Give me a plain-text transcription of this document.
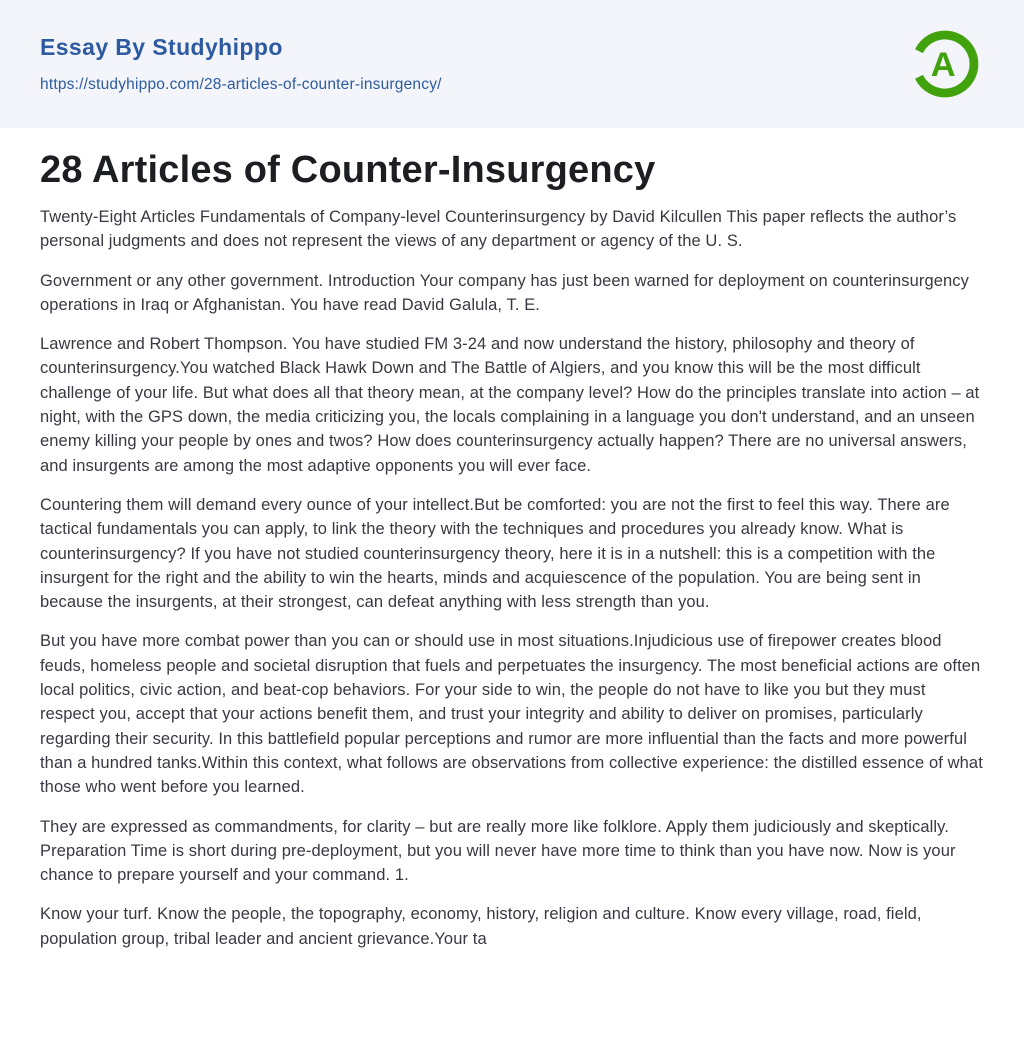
Essay By Studyhippo
https://studyhippo.com/28-articles-of-counter-insurgency/
A
28 Articles of Counter-Insurgency

Twenty-Eight Articles Fundamentals of Company-level Counterinsurgency by David Kilcullen This paper reflects the author’s personal judgments and does not represent the views of any department or agency of the U. S.

Government or any other government. Introduction Your company has just been warned for deployment on counterinsurgency operations in Iraq or Afghanistan. You have read David Galula, T. E.

Lawrence and Robert Thompson. You have studied FM 3-24 and now understand the history, philosophy and theory of counterinsurgency.You watched Black Hawk Down and The Battle of Algiers, and you know this will be the most difficult challenge of your life. But what does all that theory mean, at the company level? How do the principles translate into action – at night, with the GPS down, the media criticizing you, the locals complaining in a language you don't understand, and an unseen enemy killing your people by ones and twos? How does counterinsurgency actually happen? There are no universal answers, and insurgents are among the most adaptive opponents you will ever face.

Countering them will demand every ounce of your intellect.But be comforted: you are not the first to feel this way. There are tactical fundamentals you can apply, to link the theory with the techniques and procedures you already know. What is counterinsurgency? If you have not studied counterinsurgency theory, here it is in a nutshell: this is a competition with the insurgent for the right and the ability to win the hearts, minds and acquiescence of the population. You are being sent in because the insurgents, at their strongest, can defeat anything with less strength than you.

But you have more combat power than you can or should use in most situations.Injudicious use of firepower creates blood feuds, homeless people and societal disruption that fuels and perpetuates the insurgency. The most beneficial actions are often local politics, civic action, and beat-cop behaviors. For your side to win, the people do not have to like you but they must respect you, accept that your actions benefit them, and trust your integrity and ability to deliver on promises, particularly regarding their security. In this battlefield popular perceptions and rumor are more influential than the facts and more powerful than a hundred tanks.Within this context, what follows are observations from collective experience: the distilled essence of what those who went before you learned.

They are expressed as commandments, for clarity – but are really more like folklore. Apply them judiciously and skeptically. Preparation Time is short during pre-deployment, but you will never have more time to think than you have now. Now is your chance to prepare yourself and your command. 1.

Know your turf. Know the people, the topography, economy, history, religion and culture. Know every village, road, field, population group, tribal leader and ancient grievance.Your ta
